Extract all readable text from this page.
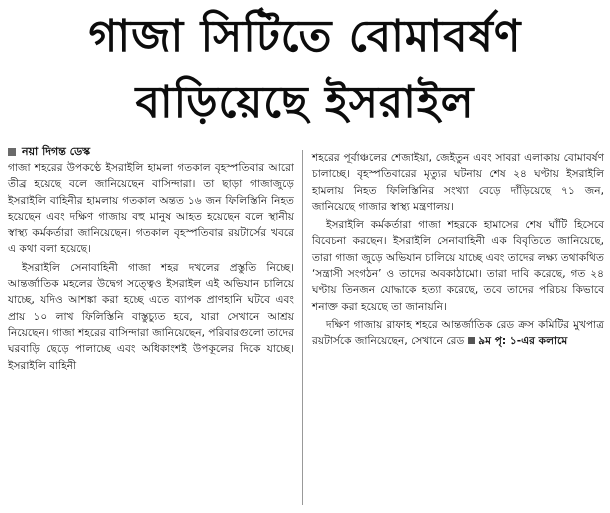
গাজা সিটিতে বোমাবর্ষণ
বাড়িয়েছে ইসরাইল
নয়া দিগন্ত ডেস্ক

গাজা শহরের উপকণ্ঠে ইসরাইলি হামলা গতকাল বৃহস্পতিবার আরো তীব্র হয়েছে বলে জানিয়েছেন বাসিন্দারা। তা ছাড়া গাজাজুড়ে ইসরাইলি বাহিনীর হামলায় গতকাল অন্তত ১৬ জন ফিলিস্তিনি নিহত হয়েছেন এবং দক্ষিণ গাজায় বহু মানুষ আহত হয়েছেন বলে স্থানীয় স্বাস্থ্য কর্মকর্তারা জানিয়েছেন। গতকাল বৃহস্পতিবার রয়টার্সের খবরে এ কথা বলা হয়েছে।

ইসরাইলি সেনাবাহিনী গাজা শহর দখলের প্রস্তুতি নিচ্ছে। আন্তর্জাতিক মহলের উদ্বেগ সত্ত্বেও ইসরাইল এই অভিযান চালিয়ে যাচ্ছে, যদিও আশঙ্কা করা হচ্ছে এতে ব্যাপক প্রাণহানি ঘটবে এবং প্রায় ১০ লাখ ফিলিস্তিনি বাস্তুচ্যুত হবে, যারা সেখানে আশ্রয় নিয়েছেন। গাজা শহরের বাসিন্দারা জানিয়েছেন, পরিবারগুলো তাদের ঘরবাড়ি ছেড়ে পালাচ্ছে এবং অধিকাংশই উপকূলের দিকে যাচ্ছে। ইসরাইলি বাহিনী

শহরের পূর্বাঞ্চলের শেজাইয়া, জেইতুন এবং সাবরা এলাকায় বোমাবর্ষণ চালাচ্ছে। বৃহস্পতিবারের মৃত্যুর ঘটনায় শেষ ২৪ ঘণ্টায় ইসরাইলি হামলায় নিহত ফিলিস্তিনির সংখ্যা বেড়ে দাঁড়িয়েছে ৭১ জন, জানিয়েছে গাজার স্বাস্থ্য মন্ত্রণালয়।

ইসরাইলি কর্মকর্তারা গাজা শহরকে হামাসের শেষ ঘাঁটি হিসেবে বিবেচনা করছেন। ইসরাইলি সেনাবাহিনী এক বিবৃতিতে জানিয়েছে, তারা গাজা জুড়ে অভিযান চালিয়ে যাচ্ছে এবং তাদের লক্ষ্য তথাকথিত ‘সন্ত্রাসী সংগঠন’ ও তাদের অবকাঠামো। তারা দাবি করেছে, গত ২৪ ঘণ্টায় তিনজন যোদ্ধাকে হত্যা করেছে, তবে তাদের পরিচয় কিভাবে শনাক্ত করা হয়েছে তা জানায়নি।

দক্ষিণ গাজায় রাফাহ শহরে আন্তর্জাতিক রেড ক্রস কমিটির মুখপাত্র রয়টার্সকে জানিয়েছেন, সেখানে রেড ৯ম পৃ: ১-এর কলামে
